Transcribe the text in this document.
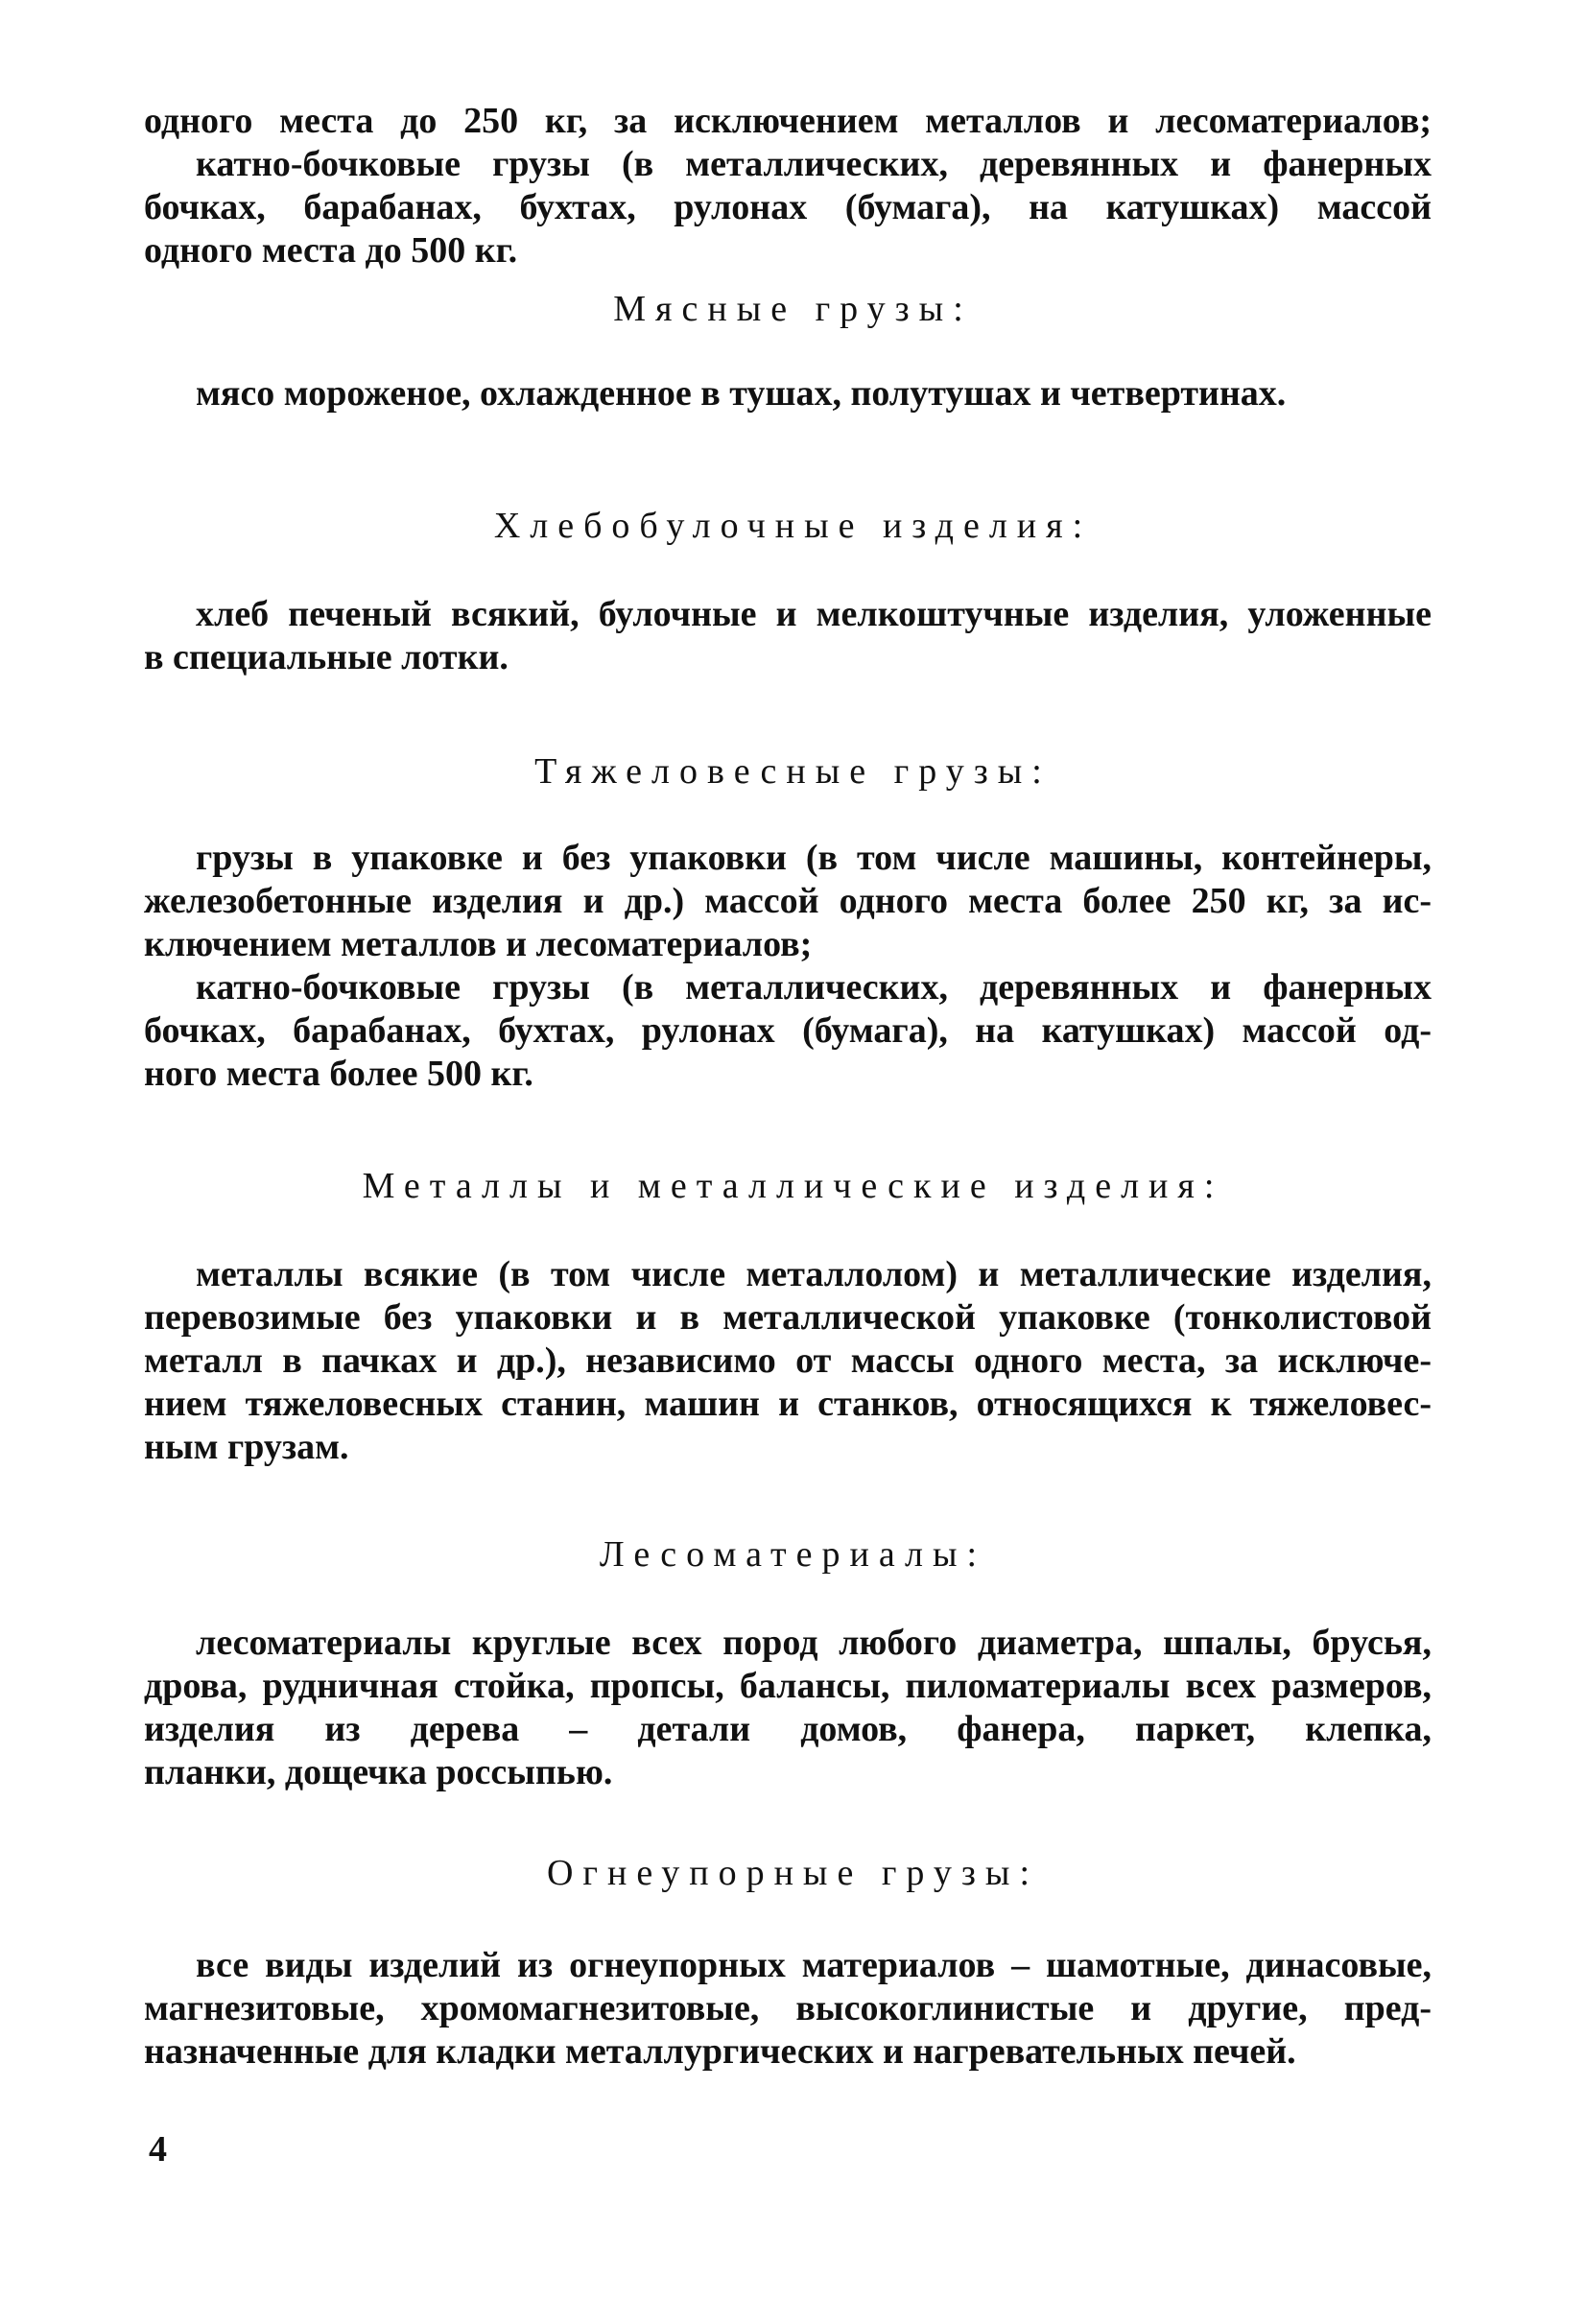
одного места до 250 кг, за исключением металлов и лесоматериалов;
катно-бочковые грузы (в металлических, деревянных и фанерных
бочках, барабанах, бухтах, рулонах (бумага), на катушках) массой
одного места до 500 кг.
Мясные грузы:
мясо мороженое, охлажденное в тушах, полутушах и четвертинах.
Хлебобулочные изделия:
хлеб печеный всякий, булочные и мелкоштучные изделия, уложенные
в специальные лотки.
Тяжеловесные грузы:
грузы в упаковке и без упаковки (в том числе машины, контейнеры,
железобетонные изделия и др.) массой одного места более 250 кг, за ис-
ключением металлов и лесоматериалов;
катно-бочковые грузы (в металлических, деревянных и фанерных
бочках, барабанах, бухтах, рулонах (бумага), на катушках) массой од-
ного места более 500 кг.
Металлы и металлические изделия:
металлы всякие (в том числе металлолом) и металлические изделия,
перевозимые без упаковки и в металлической упаковке (тонколистовой
металл в пачках и др.), независимо от массы одного места, за исключе-
нием тяжеловесных станин, машин и станков, относящихся к тяжеловес-
ным грузам.
Лесоматериалы:
лесоматериалы круглые всех пород любого диаметра, шпалы, брусья,
дрова, рудничная стойка, пропсы, балансы, пиломатериалы всех размеров,
изделия из дерева – детали домов, фанера, паркет, клепка,
планки, дощечка россыпью.
Огнеупорные грузы:
все виды изделий из огнеупорных материалов – шамотные, динасовые,
магнезитовые, хромомагнезитовые, высокоглинистые и другие, пред-
назначенные для кладки металлургических и нагревательных печей.
4
